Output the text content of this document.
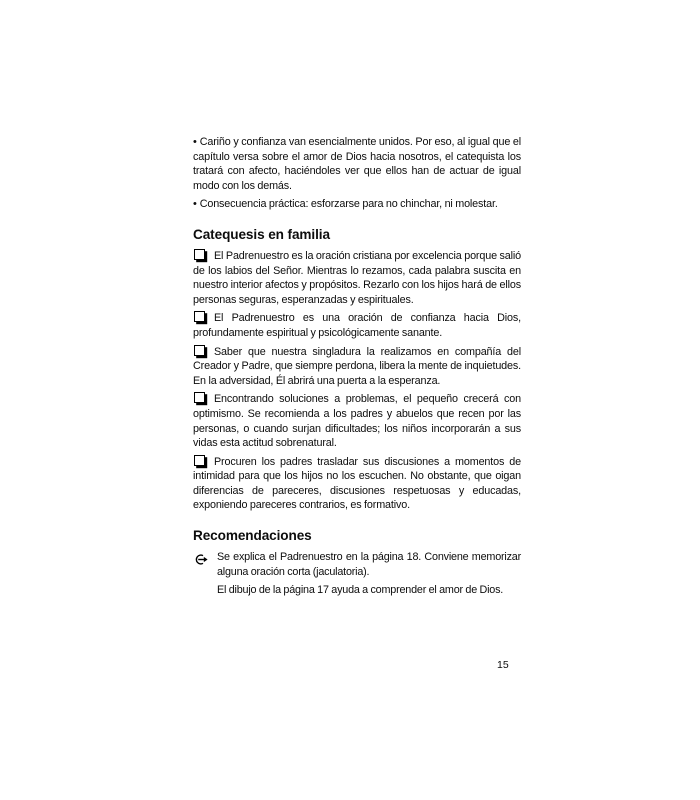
• Cariño y confianza van esencialmente unidos. Por eso, al igual que el capítulo versa sobre el amor de Dios hacia nosotros, el catequista los tratará con afecto, haciéndoles ver que ellos han de actuar de igual modo con los demás.

• Consecuencia práctica: esforzarse para no chinchar, ni molestar.

Catequesis en familia

El Padrenuestro es la oración cristiana por excelencia porque salió de los labios del Señor. Mientras lo rezamos, cada palabra suscita en nuestro interior afectos y propósitos. Rezarlo con los hijos hará de ellos personas seguras, esperanzadas y espirituales.

El Padrenuestro es una oración de confianza hacia Dios, profundamente espiritual y psicológicamente sanante.

Saber que nuestra singladura la realizamos en compañía del Creador y Padre, que siempre perdona, libera la mente de inquietudes. En la adversidad, Él abrirá una puerta a la esperanza.

Encontrando soluciones a problemas, el pequeño crecerá con optimismo. Se recomienda a los padres y abuelos que recen por las personas, o cuando surjan dificultades; los niños incorporarán a sus vidas esta actitud sobrenatural.

Procuren los padres trasladar sus discusiones a momentos de intimidad para que los hijos no los escuchen. No obstante, que oigan diferencias de pareceres, discusiones respetuosas y educadas, exponiendo pareceres contrarios, es formativo.

Recomendaciones
Se explica el Padrenuestro en la página 18. Conviene memorizar alguna oración corta (jaculatoria).
El dibujo de la página 17 ayuda a comprender el amor de Dios.
15
